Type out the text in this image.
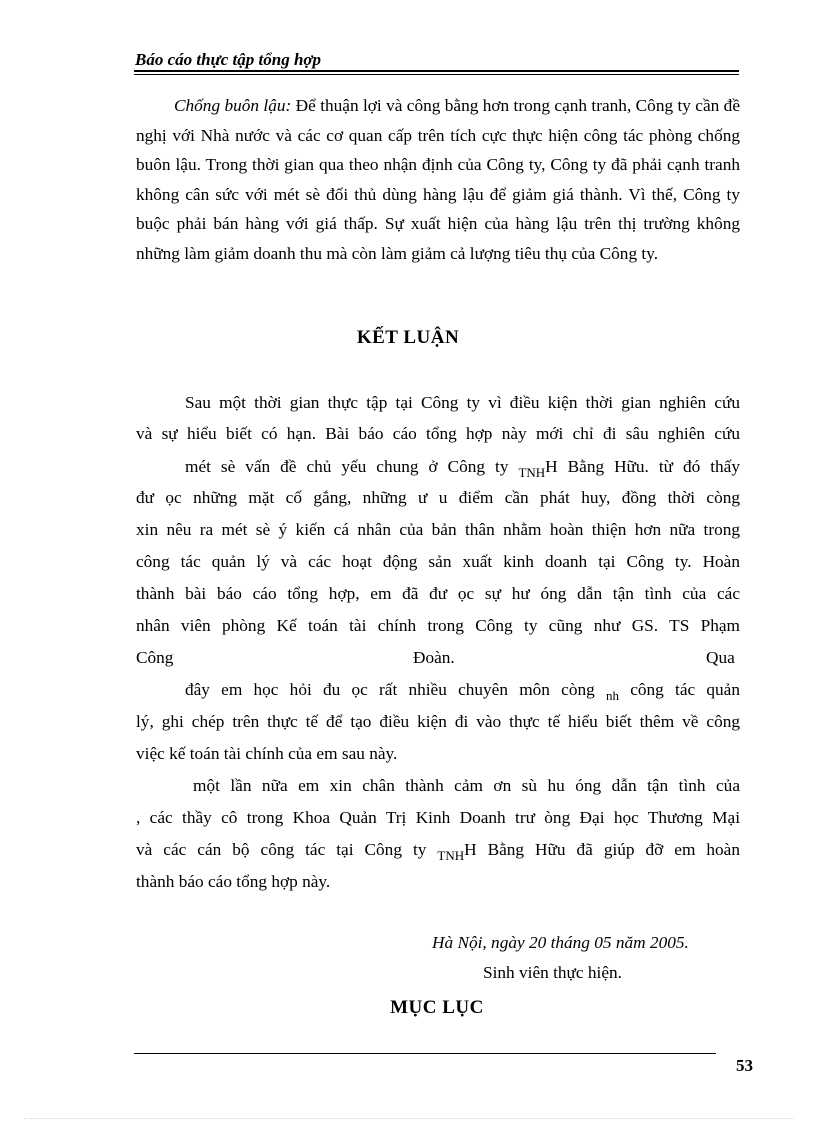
Báo cáo thực tập tổng hợp

Chống buôn lậu: Để thuận lợi và công bằng hơn trong cạnh tranh, Công ty cần đề nghị với Nhà nước và các cơ quan cấp trên tích cực thực hiện công tác phòng chống buôn lậu. Trong thời gian qua theo nhận định của Công ty, Công ty đã phải cạnh tranh không cân sức với mét sè đối thủ dùng hàng lậu để giảm giá thành. Vì thế, Công ty buộc phải bán hàng với giá thấp. Sự xuất hiện của hàng lậu trên thị trường không những làm giảm doanh thu mà còn làm giảm cả lượng tiêu thụ của Công ty.

KẾT LUẬN
Sau một thời gian thực tập tại Công ty vì điều kiện thời gian nghiên cứu
và sự hiểu biết có hạn. Bài báo cáo tổng hợp này mới chỉ đi sâu nghiên cứu
mét sè vấn đề chủ yếu chung ở Công ty $_{TNH}$H Bằng Hữu. từ đó thấy
đư ọc những mặt cố gắng, những ư u điểm cần phát huy, đồng thời còng
xin nêu ra mét sè ý kiến cá nhân của bản thân nhằm hoàn thiện hơn nữa trong
công tác quản lý và các hoạt động sản xuất kinh doanh tại Công ty. Hoàn
thành bài báo cáo tổng hợp, em đã đư ọc sự hư óng dẫn tận tình của các
nhân viên phòng Kế toán tài chính trong Công ty cũng như GS. TS Phạm
Công	Đoàn.	Qua
đây em học hỏi đu ọc rất nhiều chuyên môn còng $_{nh}$ công tác quản
lý, ghi chép trên thực tế để tạo điều kiện đi vào thực tế hiểu biết thêm về công
việc kế toán tài chính của em sau này.
một lần nữa em xin chân thành cảm ơn sù hu óng dẫn tận tình của
, các thầy cô trong Khoa Quản Trị Kinh Doanh trư òng Đại học Thương Mại
và các cán bộ công tác tại Công ty $_{TNH}$H Bằng Hữu đã giúp đỡ em hoàn
thành báo cáo tổng hợp này.
Hà Nội, ngày 20 tháng 05 năm 2005.
Sinh viên thực hiện.
MỤC LỤC
53
